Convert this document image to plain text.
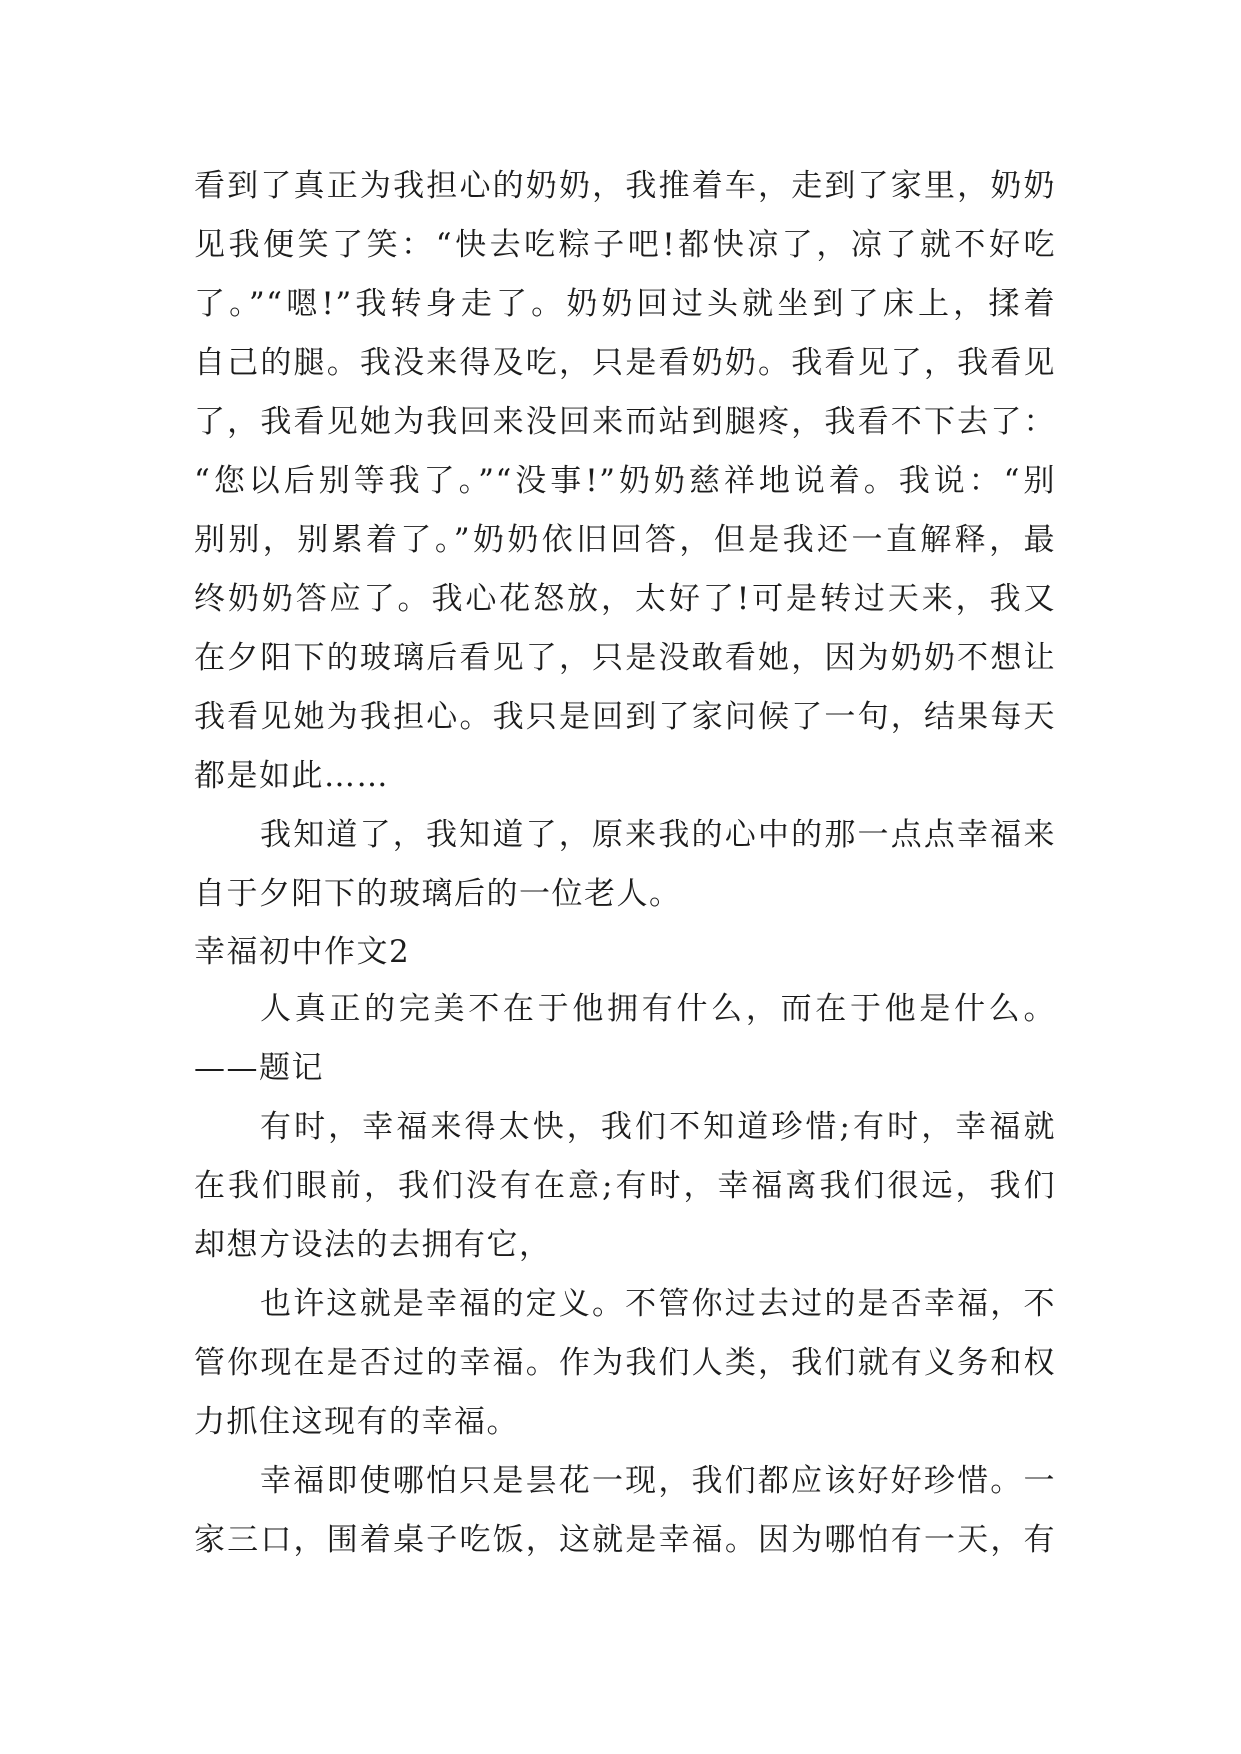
看到了真正为我担心的奶奶，我推着车，走到了家里，奶奶
见我便笑了笑：“快去吃粽子吧!都快凉了，凉了就不好吃
了。”“嗯!”我转身走了。奶奶回过头就坐到了床上，揉着
自己的腿。我没来得及吃，只是看奶奶。我看见了，我看见
了，我看见她为我回来没回来而站到腿疼，我看不下去了：
“您以后别等我了。”“没事!”奶奶慈祥地说着。我说：“别
别别，别累着了。”奶奶依旧回答，但是我还一直解释，最
终奶奶答应了。我心花怒放，太好了!可是转过天来，我又
在夕阳下的玻璃后看见了，只是没敢看她，因为奶奶不想让
我看见她为我担心。我只是回到了家问候了一句，结果每天
都是如此……
我知道了，我知道了，原来我的心中的那一点点幸福来
自于夕阳下的玻璃后的一位老人。
幸福初中作文2
人真正的完美不在于他拥有什么，而在于他是什么。
——题记
有时，幸福来得太快，我们不知道珍惜;有时，幸福就
在我们眼前，我们没有在意;有时，幸福离我们很远，我们
却想方设法的去拥有它，
也许这就是幸福的定义。不管你过去过的是否幸福，不
管你现在是否过的幸福。作为我们人类，我们就有义务和权
力抓住这现有的幸福。
幸福即使哪怕只是昙花一现，我们都应该好好珍惜。一
家三口，围着桌子吃饭，这就是幸福。因为哪怕有一天，有
